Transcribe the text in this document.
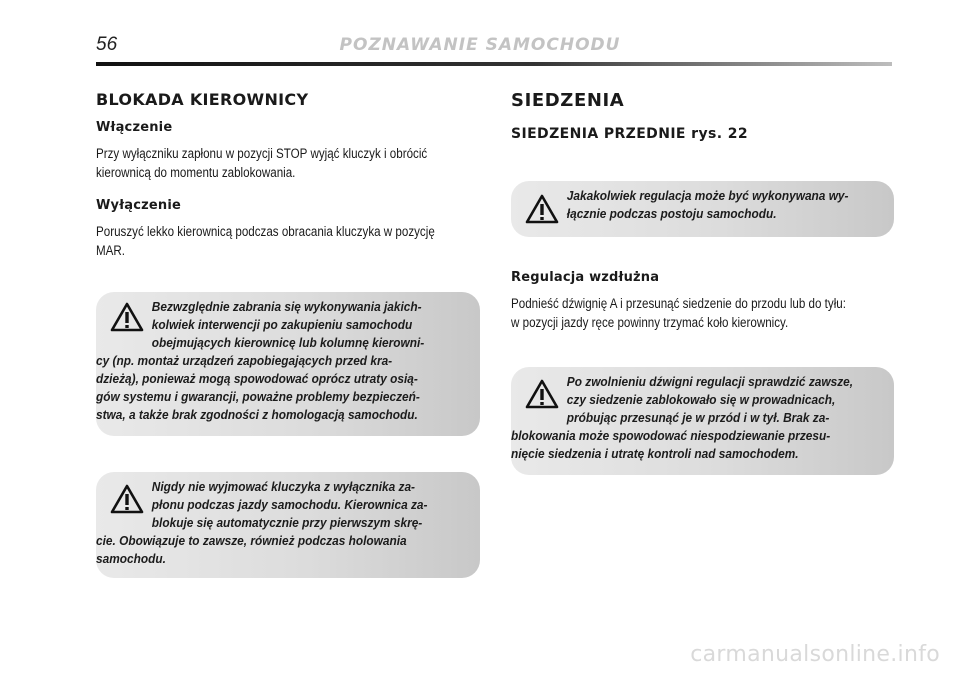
56	POZNAWANIE SAMOCHODU
BLOKADA KIEROWNICY
Włączenie

Przy wyłączniku zapłonu w pozycji STOP wyjąć kluczyk i obrócić

kierownicą do momentu zablokowania.

Wyłączenie

Poruszyć lekko kierownicą podczas obracania kluczyka w pozycję

MAR.

Bezwzględnie zabrania się wykonywania jakich-
kolwiek interwencji po zakupieniu samochodu
obejmujących kierownicę lub kolumnę kierowni-
cy (np. montaż urządzeń zapobiegających przed kra-
dzieżą), ponieważ mogą spowodować oprócz utraty osią-
gów systemu i gwarancji, poważne problemy bezpieczeń-
stwa, a także brak zgodności z homologacją samochodu.
Nigdy nie wyjmować kluczyka z wyłącznika za-
płonu podczas jazdy samochodu. Kierownica za-
blokuje się automatycznie przy pierwszym skrę-
cie. Obowiązuje to zawsze, również podczas holowania
samochodu.
SIEDZENIA
SIEDZENIA PRZEDNIE rys. 22
Jakakolwiek regulacja może być wykonywana wy-
łącznie podczas postoju samochodu.
Regulacja wzdłużna

Podnieść dźwignię A i przesunąć siedzenie do przodu lub do tyłu:

w pozycji jazdy ręce powinny trzymać koło kierownicy.

Po zwolnieniu dźwigni regulacji sprawdzić zawsze,
czy siedzenie zablokowało się w prowadnicach,
próbując przesunąć je w przód i w tył. Brak za-
blokowania może spowodować niespodziewanie przesu-
nięcie siedzenia i utratę kontroli nad samochodem.
carmanualsonline.info
